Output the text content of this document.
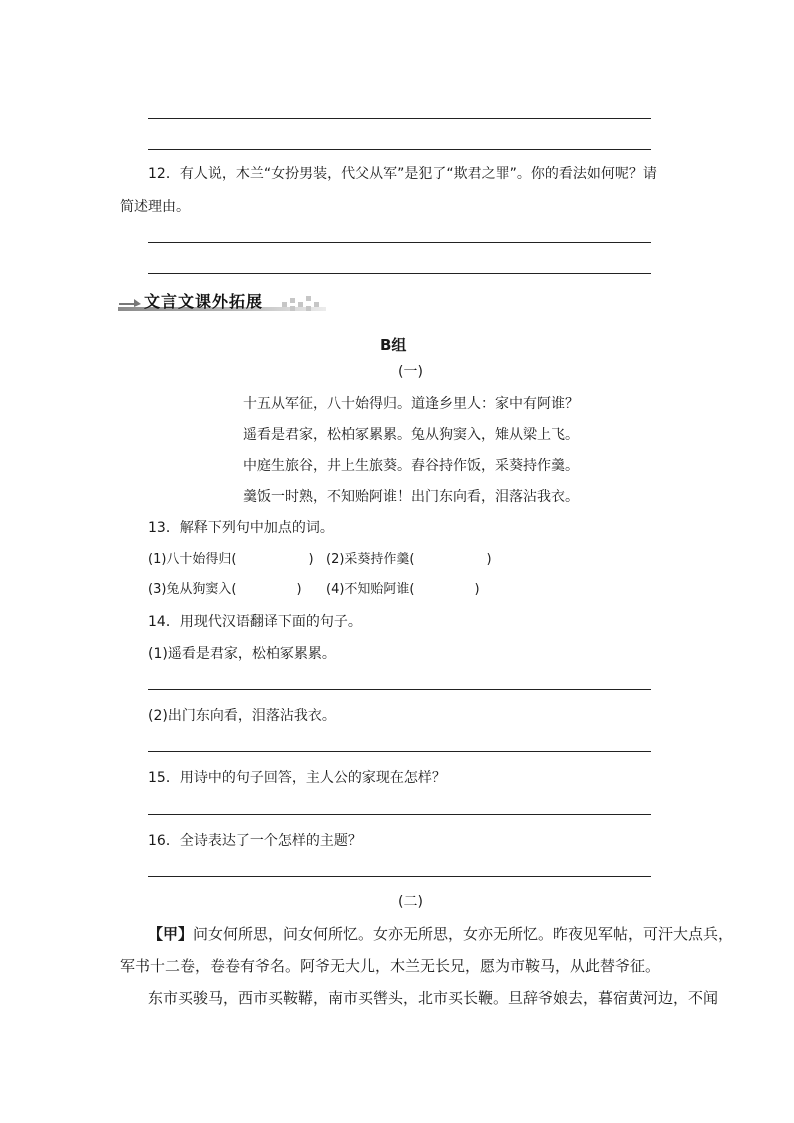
12．有人说，木兰“女扮男装，代父从军”是犯了“欺君之罪”。你的看法如何呢？请
简述理由。
文言文课外拓展
B组
(一)
十五从军征，八十始得归。道逢乡里人：家中有阿谁？
遥看是君家，松柏冢累累。兔从狗窦入，雉从梁上飞。
中庭生旅谷，井上生旅葵。舂谷持作饭，采葵持作羹。
羹饭一时熟，不知贻阿谁！出门东向看，泪落沾我衣。
13．解释下列句中加点的词。
(1)八十始得归(	) (2)采葵持作羹(	)
(3)兔从狗窦入(	) (4)不知贻阿谁(	)
14．用现代汉语翻译下面的句子。
(1)遥看是君家，松柏冢累累。
(2)出门东向看，泪落沾我衣。
15．用诗中的句子回答，主人公的家现在怎样？
16．全诗表达了一个怎样的主题？
(二)
【甲】问女何所思，问女何所忆。女亦无所思，女亦无所忆。昨夜见军帖，可汗大点兵，
军书十二卷，卷卷有爷名。阿爷无大儿，木兰无长兄，愿为市鞍马，从此替爷征。
东市买骏马，西市买鞍鞯，南市买辔头，北市买长鞭。旦辞爷娘去，暮宿黄河边，不闻
